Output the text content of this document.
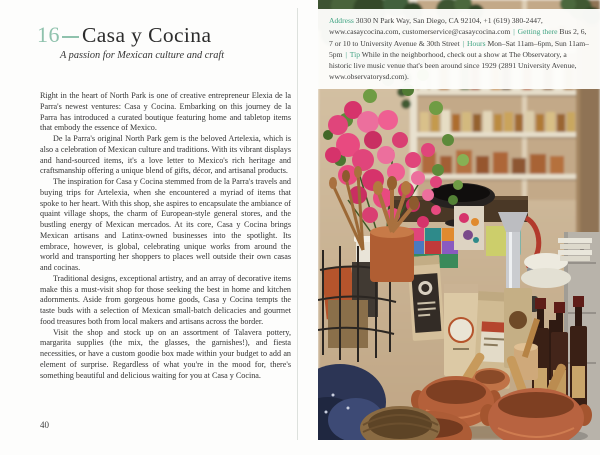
16 Casa y Cocina
A passion for Mexican culture and craft

Right in the heart of North Park is one of creative entrepreneur Elexia de la Parra's newest ventures: Casa y Cocina. Embarking on this journey de la Parra has introduced a curated boutique featuring home and tabletop items that embody the essence of Mexico.

De la Parra's original North Park gem is the beloved Artelexia, which is also a celebration of Mexican culture and traditions. With its vibrant displays and hand-sourced items, it's a love letter to Mexico's rich heritage and craftsmanship offering a unique blend of gifts, décor, and artisanal products.

The inspiration for Casa y Cocina stemmed from de la Parra's travels and buying trips for Artelexia, when she encountered a myriad of items that spoke to her heart. With this shop, she aspires to encapsulate the ambiance of quaint village shops, the charm of European-style general stores, and the bustling energy of Mexican mercados. At its core, Casa y Cocina brings Mexican artisans and Latinx-owned businesses into the spotlight. Its embrace, however, is global, celebrating unique works from around the world and transporting her shoppers to places well outside their own casas and cocinas.

Traditional designs, exceptional artistry, and an array of decorative items make this a must-visit shop for those seeking the best in home and kitchen adornments. Aside from gorgeous home goods, Casa y Cocina tempts the taste buds with a selection of Mexican small-batch delicacies and gourmet food treasures both from local makers and artisans across the border.

Visit the shop and stock up on an assortment of Talavera pottery, margarita supplies (the mix, the glasses, the garnishes!), and fiesta necessities, or have a custom goodie box made within your budget to add an element of surprise. Regardless of what you're in the mood for, there's something beautiful and delicious waiting for you at Casa y Cocina.

40
Address 3030 N Park Way, San Diego, CA 92104, +1 (619) 380-2447, www.casaycocina.com, customerservice@casaycocina.com | Getting there Bus 2, 6, 7 or 10 to University Avenue & 30th Street | Hours Mon–Sat 11am–6pm, Sun 11am–5pm | Tip While in the neighborhood, check out a show at The Observatory, a historic live music venue that's been around since 1929 (2891 University Avenue, www.observatorysd.com).
